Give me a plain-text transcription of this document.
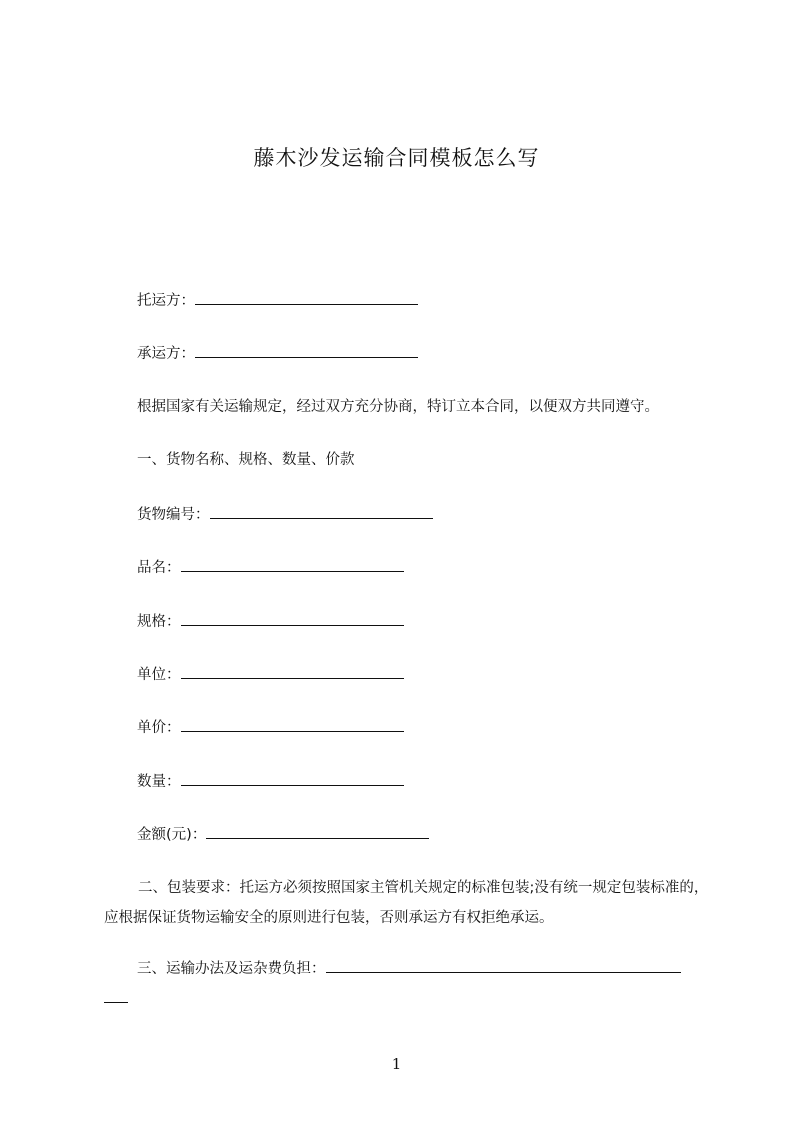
藤木沙发运输合同模板怎么写
托运方：
承运方：
根据国家有关运输规定，经过双方充分协商，特订立本合同，以便双方共同遵守。
一、货物名称、规格、数量、价款
货物编号：
品名：
规格：
单位：
单价：
数量：
金额(元)：
二、包装要求：托运方必须按照国家主管机关规定的标准包装;没有统一规定包装标准的，应根据保证货物运输安全的原则进行包装，否则承运方有权拒绝承运。
三、运输办法及运杂费负担：
1
